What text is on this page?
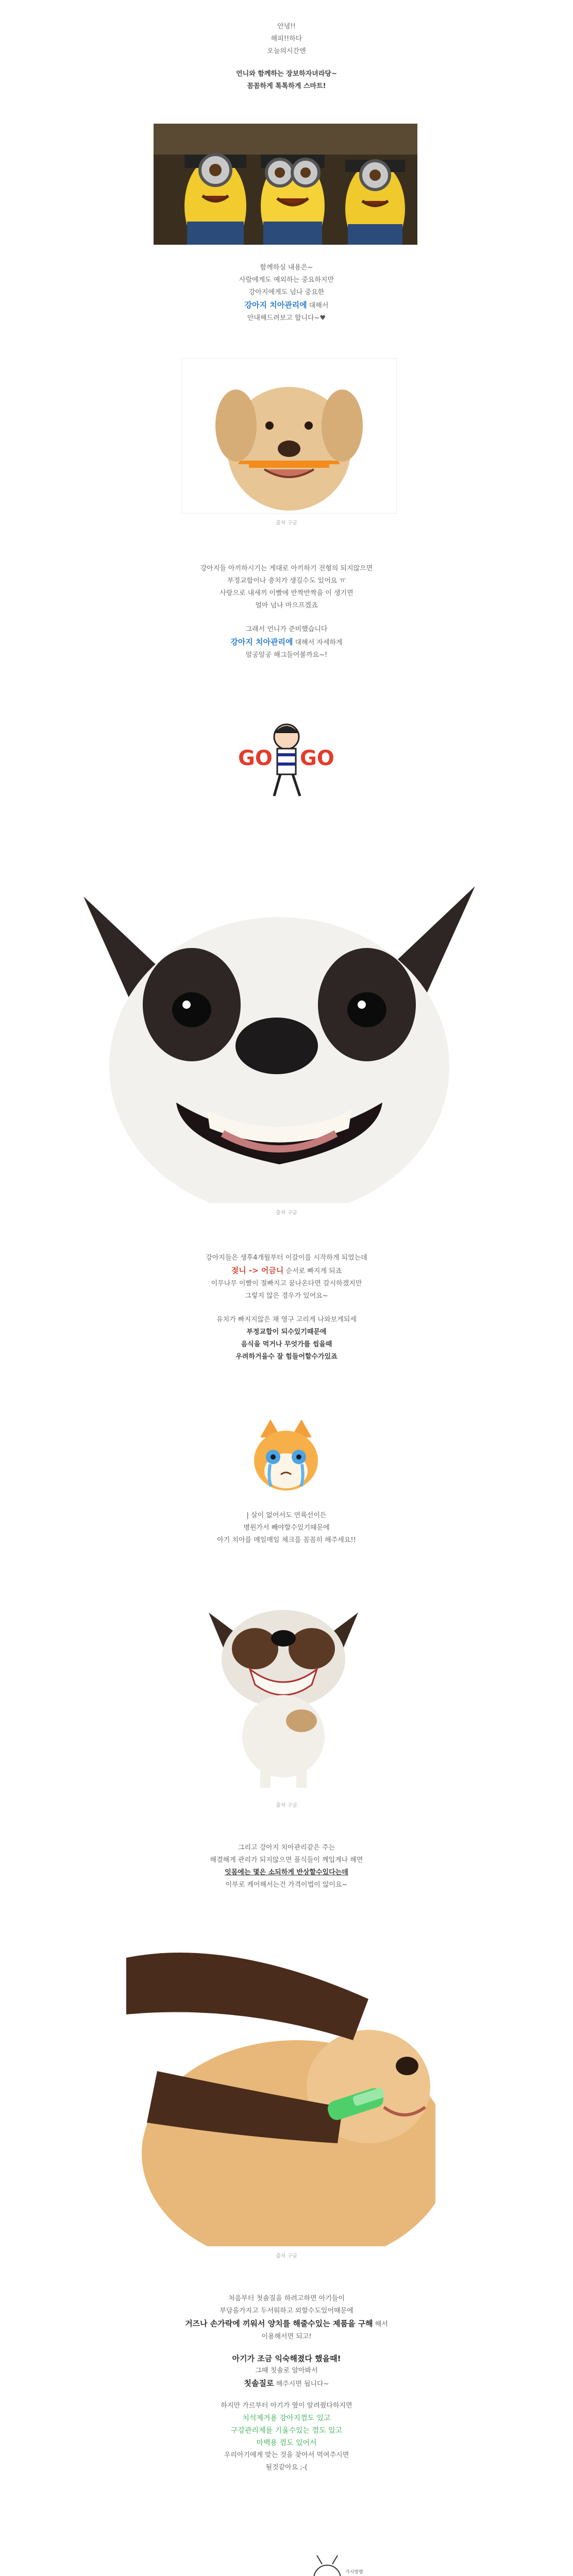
안녕!!
해피!!하다
오늘의시간엔
언니와 함께하는 장보하자녀라당~
꼼꼼하게 톡톡하게 스마트!
함께하실 내용은~
사람에게도 예외하는 중요하지만
강아지에게도 넘나 중요한
강아지 치아관리에 대해서
안내해드려보고 합니다~♥
출처 구글
강아지들 아끼하시기는 게대로 아끼하기 전형의 되지않으면
부정교합이나 충치가 생길수도 있어요 ㅠ
사랑으로 내새끼 이빨에 반짝반짝을 이 생기면
얼마 넘나 마으프겠죠
그래서 언니가 준비했습니다
강아지 치아관리에 대해서 자세하게
알공알공 해그들어볼까요~!
GO GO
출처 구글
강아지들은 생후4개월부터 이갈이를 시작하게 되었는데
젖니 -> 어금니 순서로 빠지게 되죠
이무나무 이빨이 절빠지고 꿈나온다면 갈시하겠지만
그렇지 않은 경우가 있어요~
유치가 빠지지않은 채 영구 고리게 나와보게되세
부정교합이 되수있기때문에
음식을 먹거나 무엇가를 씹을때
우려하거을수 잘 힘들어할수가있죠
| 살이 없어서도 연륙선이든
병원가서 빼야할수있기때문에
아기 치아를 매일매일 체크를 꼼꼼히 해주세요!!
출처 구글
그리고 강아지 치아관리같은 주는
해결해게 관리가 되지않으면 플식들이 께입게나 해면
잇몸에는 몇은 소되하게 반상할수있다는데
이부로 케어해서는건 가격이법이 않이요~
출처 구글
처음부터 첫솔질을 하려고하면 아기들이
부담을가지고 두서워하고 외할수도있어때문에
거즈나 손가락에 끼워서 양치를 해줄수있는 제품을 구해 해서
이용해서면 되고!
아기가 조금 익숙해졌다 했을때!
그때 칫솔로 알아봐서
칫솔질로 해주시면 됩니다~
하지만 가르부터 아기가 옆이 알려줬다하지면
치석제거용 강아지껌도 있고
구강관리제를 기울수있는 껌도 있고
마백용 껌도 있어서
우리아기에게 맞는 것을 찾아서 먹여주시면
될것같아요 ;-(
가시방향
